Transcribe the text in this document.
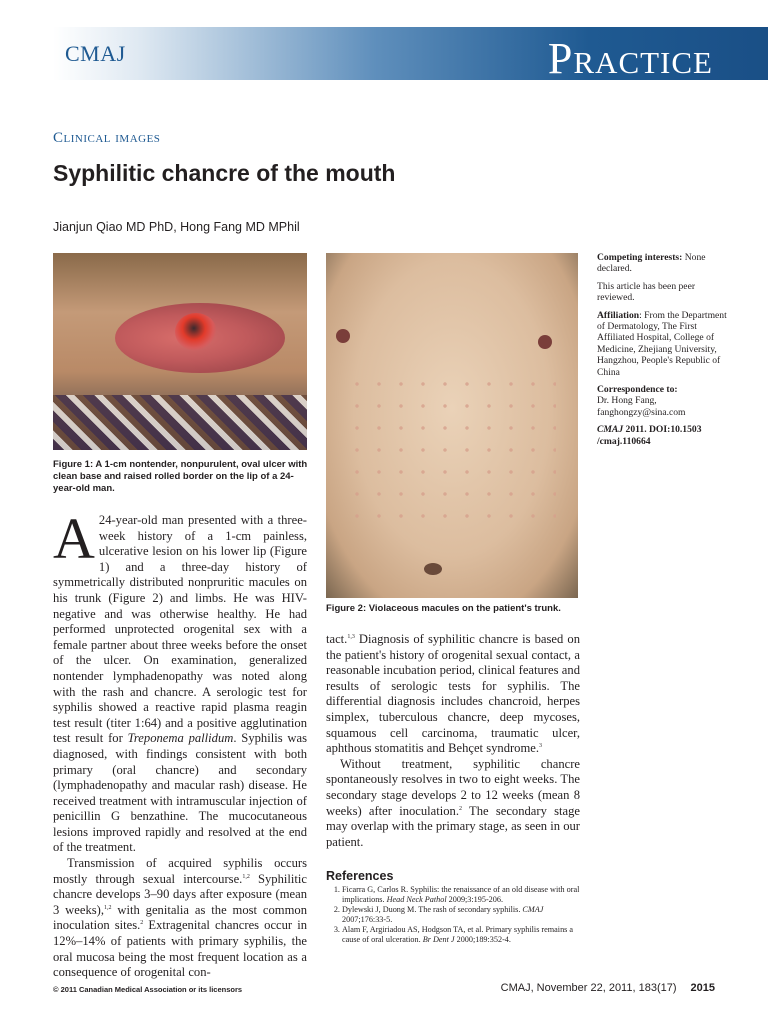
CMAJ	Practice
Clinical images
Syphilitic chancre of the mouth
Jianjun Qiao MD PhD, Hong Fang MD MPhil
Figure 1: A 1-cm nontender, nonpurulent, oval ulcer with clean base and raised rolled border on the lip of a 24-year-old man.
Figure 2: Violaceous macules on the patient's trunk.

A 24-year-old man presented with a three-week history of a 1-cm painless, ulcerative lesion on his lower lip (Figure 1) and a three-day history of symmetrically distributed nonpruritic macules on his trunk (Figure 2) and limbs. He was HIV-negative and was otherwise healthy. He had performed unprotected orogenital sex with a female partner about three weeks before the onset of the ulcer. On examination, generalized nontender lymphadenopathy was noted along with the rash and chancre. A serologic test for syphilis showed a reactive rapid plasma reagin test result (titer 1:64) and a positive agglutination test result for Treponema pallidum. Syphilis was diagnosed, with findings consistent with both primary (oral chancre) and secondary (lymphadenopathy and macular rash) disease. He received treatment with intramuscular injection of penicillin G benzathine. The mucocutaneous lesions improved rapidly and resolved at the end of the treatment.

Transmission of acquired syphilis occurs mostly through sexual intercourse.$^{1,2}$ Syphilitic chancre develops 3–90 days after exposure (mean 3 weeks),$^{1,2}$ with genitalia as the most common inoculation sites.$^2$ Extragenital chancres occur in 12%–14% of patients with primary syphilis, the oral mucosa being the most frequent location as a consequence of orogenital con-

tact.$^{1,3}$ Diagnosis of syphilitic chancre is based on the patient's history of orogenital sexual contact, a reasonable incubation period, clinical features and results of serologic tests for syphilis. The differential diagnosis includes chancroid, herpes simplex, tuberculous chancre, deep mycoses, squamous cell carcinoma, traumatic ulcer, aphthous stomatitis and Behçet syndrome.$^3$

Without treatment, syphilitic chancre spontaneously resolves in two to eight weeks. The secondary stage develops 2 to 12 weeks (mean 8 weeks) after inoculation.$^2$ The secondary stage may overlap with the primary stage, as seen in our patient.

References
1. Ficarra G, Carlos R. Syphilis: the renaissance of an old disease with oral implications. Head Neck Pathol 2009;3:195-206.
2. Dylewski J, Duong M. The rash of secondary syphilis. CMAJ 2007;176:33-5.
3. Alam F, Argiriadou AS, Hodgson TA, et al. Primary syphilis remains a cause of oral ulceration. Br Dent J 2000;189:352-4.

Competing interests: None declared.

This article has been peer reviewed.

Affiliation: From the Department of Dermatology, The First Affiliated Hospital, College of Medicine, Zhejiang University, Hangzhou, People's Republic of China

Correspondence to:
Dr. Hong Fang,
fanghongzy@sina.com

CMAJ 2011. DOI:10.1503 /cmaj.110664

© 2011 Canadian Medical Association or its licensors	CMAJ, November 22, 2011, 183(17) 2015
